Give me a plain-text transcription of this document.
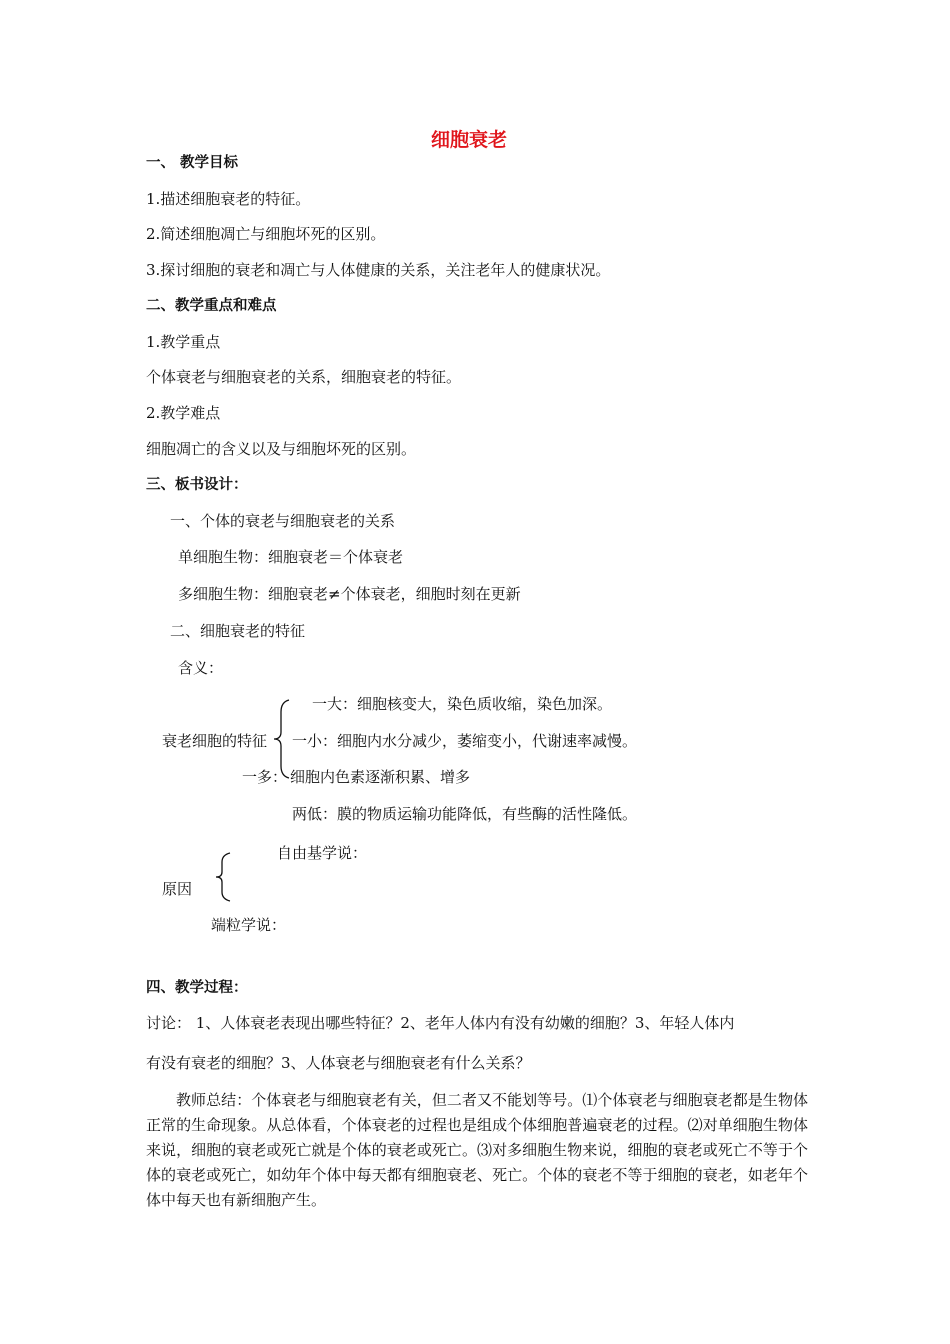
细胞衰老
一、 教学目标
1.描述细胞衰老的特征。
2.简述细胞凋亡与细胞坏死的区别。
3.探讨细胞的衰老和凋亡与人体健康的关系，关注老年人的健康状况。
二、教学重点和难点
1.教学重点
个体衰老与细胞衰老的关系，细胞衰老的特征。
2.教学难点
细胞凋亡的含义以及与细胞坏死的区别。
三、板书设计：
一、个体的衰老与细胞衰老的关系
单细胞生物：细胞衰老＝个体衰老
多细胞生物：细胞衰老≠个体衰老，细胞时刻在更新
二、细胞衰老的特征
含义：
衰老细胞的特征
一大：细胞核变大，染色质收缩，染色加深。
一小：细胞内水分减少，萎缩变小，代谢速率减慢。
一多： 细胞内色素逐渐积累、增多
两低：膜的物质运输功能降低，有些酶的活性隆低。
自由基学说：
原因
端粒学说：
四、教学过程：
讨论： 1、人体衰老表现出哪些特征？2、老年人体内有没有幼嫩的细胞？3、年轻人体内
有没有衰老的细胞？3、人体衰老与细胞衰老有什么关系？
教师总结：个体衰老与细胞衰老有关，但二者又不能划等号。⑴个体衰老与细胞衰老都是生物体正常的生命现象。从总体看，个体衰老的过程也是组成个体细胞普遍衰老的过程。⑵对单细胞生物体来说，细胞的衰老或死亡就是个体的衰老或死亡。⑶对多细胞生物来说，细胞的衰老或死亡不等于个体的衰老或死亡，如幼年个体中每天都有细胞衰老、死亡。个体的衰老不等于细胞的衰老，如老年个体中每天也有新细胞产生。
